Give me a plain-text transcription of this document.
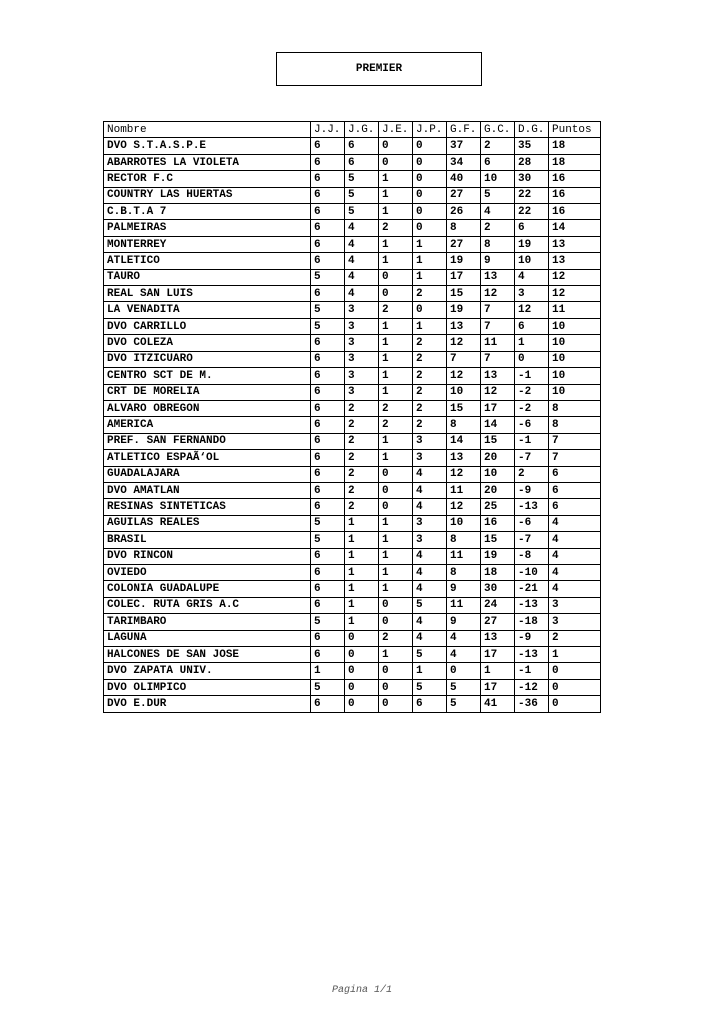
PREMIER
Nombre	J.J.	J.G.	J.E.	J.P.	G.F.	G.C.	D.G.	Puntos
DVO S.T.A.S.P.E	6	6	0	0	37	2	35	18
ABARROTES LA VIOLETA	6	6	0	0	34	6	28	18
RECTOR F.C	6	5	1	0	40	10	30	16
COUNTRY LAS HUERTAS	6	5	1	0	27	5	22	16
C.B.T.A 7	6	5	1	0	26	4	22	16
PALMEIRAS	6	4	2	0	8	2	6	14
MONTERREY	6	4	1	1	27	8	19	13
ATLETICO	6	4	1	1	19	9	10	13
TAURO	5	4	0	1	17	13	4	12
REAL SAN LUIS	6	4	0	2	15	12	3	12
LA VENADITA	5	3	2	0	19	7	12	11
DVO CARRILLO	5	3	1	1	13	7	6	10
DVO COLEZA	6	3	1	2	12	11	1	10
DVO ITZICUARO	6	3	1	2	7	7	0	10
CENTRO SCT DE M.	6	3	1	2	12	13	-1	10
CRT DE MORELIA	6	3	1	2	10	12	-2	10
ALVARO OBREGON	6	2	2	2	15	17	-2	8
AMERICA	6	2	2	2	8	14	-6	8
PREF. SAN FERNANDO	6	2	1	3	14	15	-1	7
ATLETICO ESPAÃ‘OL	6	2	1	3	13	20	-7	7
GUADALAJARA	6	2	0	4	12	10	2	6
DVO AMATLAN	6	2	0	4	11	20	-9	6
RESINAS SINTETICAS	6	2	0	4	12	25	-13	6
AGUILAS REALES	5	1	1	3	10	16	-6	4
BRASIL	5	1	1	3	8	15	-7	4
DVO RINCON	6	1	1	4	11	19	-8	4
OVIEDO	6	1	1	4	8	18	-10	4
COLONIA GUADALUPE	6	1	1	4	9	30	-21	4
COLEC. RUTA GRIS A.C	6	1	0	5	11	24	-13	3
TARIMBARO	5	1	0	4	9	27	-18	3
LAGUNA	6	0	2	4	4	13	-9	2
HALCONES DE SAN JOSE	6	0	1	5	4	17	-13	1
DVO ZAPATA UNIV.	1	0	0	1	0	1	-1	0
DVO OLIMPICO	5	0	0	5	5	17	-12	0
DVO E.DUR	6	0	0	6	5	41	-36	0
Pagina 1/1
